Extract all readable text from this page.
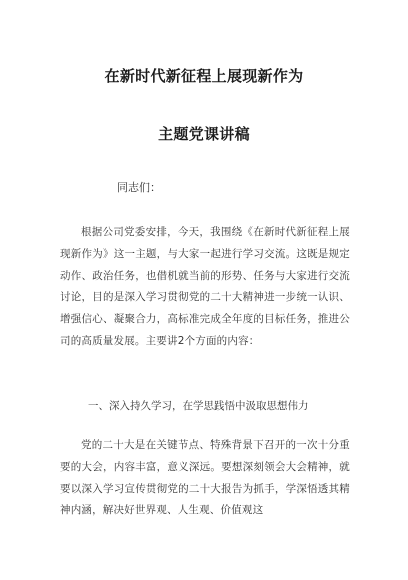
在新时代新征程上展现新作为
主题党课讲稿

同志们：

根据公司党委安排，今天，我围绕《在新时代新征程上展现新作为》这一主题，与大家一起进行学习交流。这既是规定动作、政治任务，也借机就当前的形势、任务与大家进行交流讨论，目的是深入学习贯彻党的二十大精神进一步统一认识、增强信心、凝聚合力，高标准完成全年度的目标任务，推进公司的高质量发展。主要讲2个方面的内容：

一、深入持久学习，在学思践悟中汲取思想伟力

党的二十大是在关键节点、特殊背景下召开的一次十分重要的大会，内容丰富，意义深远。要想深刻领会大会精神，就要以深入学习宣传贯彻党的二十大报告为抓手，学深悟透其精神内涵，解决好世界观、人生观、价值观这
